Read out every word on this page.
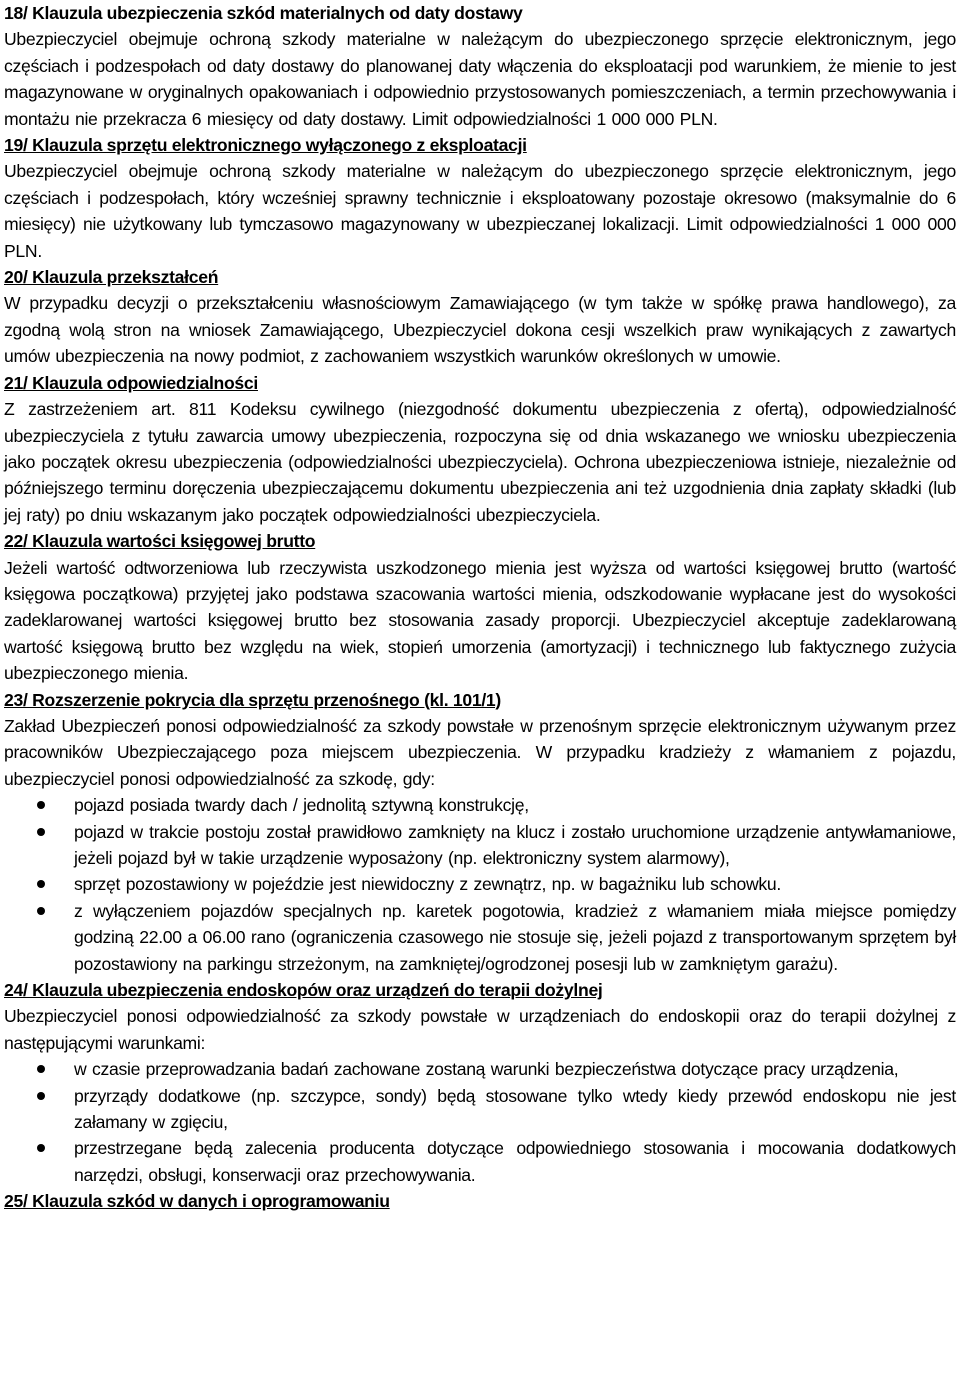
18/ Klauzula ubezpieczenia szkód materialnych od daty dostawy

Ubezpieczyciel obejmuje ochroną szkody materialne w należącym do ubezpieczonego sprzęcie elektronicznym, jego częściach i podzespołach od daty dostawy do planowanej daty włączenia do eksploatacji pod warunkiem, że mienie to jest magazynowane w oryginalnych opakowaniach i odpowiednio przystosowanych pomieszczeniach, a termin przechowywania i montażu nie przekracza 6 miesięcy od daty dostawy. Limit odpowiedzialności 1 000 000 PLN.

19/ Klauzula sprzętu elektronicznego wyłączonego z eksploatacji

Ubezpieczyciel obejmuje ochroną szkody materialne w należącym do ubezpieczonego sprzęcie elektronicznym, jego częściach i podzespołach, który wcześniej sprawny technicznie i eksploatowany pozostaje okresowo (maksymalnie do 6 miesięcy) nie użytkowany lub tymczasowo magazynowany w ubezpieczanej lokalizacji. Limit odpowiedzialności 1 000 000 PLN.

20/ Klauzula przekształceń

W przypadku decyzji o przekształceniu własnościowym Zamawiającego (w tym także w spółkę prawa handlowego), za zgodną wolą stron na wniosek Zamawiającego, Ubezpieczyciel dokona cesji wszelkich praw wynikających z zawartych umów ubezpieczenia na nowy podmiot, z zachowaniem wszystkich warunków określonych w umowie.

21/ Klauzula odpowiedzialności

Z zastrzeżeniem art. 811 Kodeksu cywilnego (niezgodność dokumentu ubezpieczenia z ofertą), odpowiedzialność ubezpieczyciela z tytułu zawarcia umowy ubezpieczenia, rozpoczyna się od dnia wskazanego we wniosku ubezpieczenia jako początek okresu ubezpieczenia (odpowiedzialności ubezpieczyciela). Ochrona ubezpieczeniowa istnieje, niezależnie od późniejszego terminu doręczenia ubezpieczającemu dokumentu ubezpieczenia ani też uzgodnienia dnia zapłaty składki (lub jej raty) po dniu wskazanym jako początek odpowiedzialności ubezpieczyciela.

22/ Klauzula wartości księgowej brutto

Jeżeli wartość odtworzeniowa lub rzeczywista uszkodzonego mienia jest wyższa od wartości księgowej brutto (wartość księgowa początkowa) przyjętej jako podstawa szacowania wartości mienia, odszkodowanie wypłacane jest do wysokości zadeklarowanej wartości księgowej brutto bez stosowania zasady proporcji. Ubezpieczyciel akceptuje zadeklarowaną wartość księgową brutto bez względu na wiek, stopień umorzenia (amortyzacji) i technicznego lub faktycznego zużycia ubezpieczonego mienia.

23/ Rozszerzenie pokrycia dla sprzętu przenośnego (kl. 101/1)

Zakład Ubezpieczeń ponosi odpowiedzialność za szkody powstałe w przenośnym sprzęcie elektronicznym używanym przez pracowników Ubezpieczającego poza miejscem ubezpieczenia. W przypadku kradzieży z włamaniem z pojazdu, ubezpieczyciel ponosi odpowiedzialność za szkodę, gdy:

pojazd posiada twardy dach / jednolitą sztywną konstrukcję,
pojazd w trakcie postoju został prawidłowo zamknięty na klucz i zostało uruchomione urządzenie antywłamaniowe, jeżeli pojazd był w takie urządzenie wyposażony (np. elektroniczny system alarmowy),
sprzęt pozostawiony w pojeździe jest niewidoczny z zewnątrz, np. w bagażniku lub schowku.
z wyłączeniem pojazdów specjalnych np. karetek pogotowia, kradzież z włamaniem miała miejsce pomiędzy godziną 22.00 a 06.00 rano (ograniczenia czasowego nie stosuje się, jeżeli pojazd z transportowanym sprzętem był pozostawiony na parkingu strzeżonym, na zamkniętej/ogrodzonej posesji lub w zamkniętym garażu).

24/ Klauzula ubezpieczenia endoskopów oraz urządzeń do terapii dożylnej

Ubezpieczyciel ponosi odpowiedzialność za szkody powstałe w urządzeniach do endoskopii oraz do terapii dożylnej z następującymi warunkami:

w czasie przeprowadzania badań zachowane zostaną warunki bezpieczeństwa dotyczące pracy urządzenia,
przyrządy dodatkowe (np. szczypce, sondy) będą stosowane tylko wtedy kiedy przewód endoskopu nie jest załamany w zgięciu,
przestrzegane będą zalecenia producenta dotyczące odpowiedniego stosowania i mocowania dodatkowych narzędzi, obsługi, konserwacji oraz przechowywania.

25/ Klauzula szkód w danych i oprogramowaniu
